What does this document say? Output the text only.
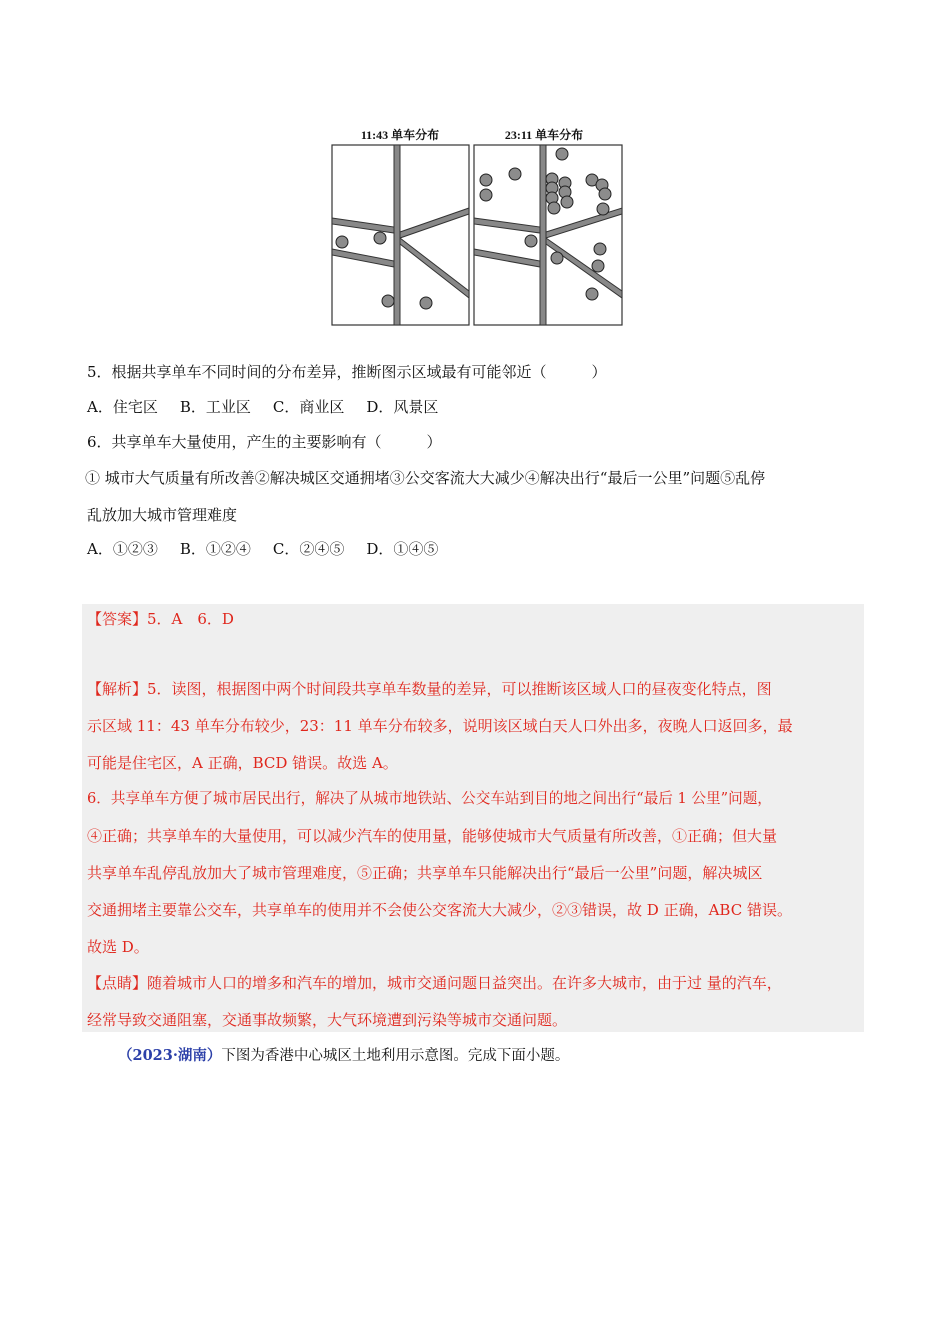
11:43 单车分布	23:11 单车分布
5．根据共享单车不同时间的分布差异，推断图示区域最有可能邻近（　　　）
A．住宅区 B．工业区 C．商业区 D．风景区
6．共享单车大量使用，产生的主要影响有（　　　）
① 城市大气质量有所改善②解决城区交通拥堵③公交客流大大减少④解决出行“最后一公里”问题⑤乱停
乱放加大城市管理难度
A．①②③ B．①②④ C．②④⑤ D．①④⑤
【答案】5．A　6．D
【解析】5．读图，根据图中两个时间段共享单车数量的差异，可以推断该区域人口的昼夜变化特点，图
示区域 11：43 单车分布较少，23：11 单车分布较多，说明该区域白天人口外出多，夜晚人口返回多，最
可能是住宅区，A 正确，BCD 错误。故选 A。
6．共享单车方便了城市居民出行，解决了从城市地铁站、公交车站到目的地之间出行“最后 1 公里”问题，
④正确；共享单车的大量使用，可以减少汽车的使用量，能够使城市大气质量有所改善，①正确；但大量
共享单车乱停乱放加大了城市管理难度，⑤正确；共享单车只能解决出行“最后一公里”问题，解决城区
交通拥堵主要靠公交车，共享单车的使用并不会使公交客流大大减少，②③错误，故 D 正确，ABC 错误。
故选 D。
【点睛】随着城市人口的增多和汽车的增加，城市交通问题日益突出。在许多大城市，由于过 量的汽车，
经常导致交通阻塞，交通事故频繁，大气环境遭到污染等城市交通问题。
（2023·湖南）下图为香港中心城区土地利用示意图。完成下面小题。
